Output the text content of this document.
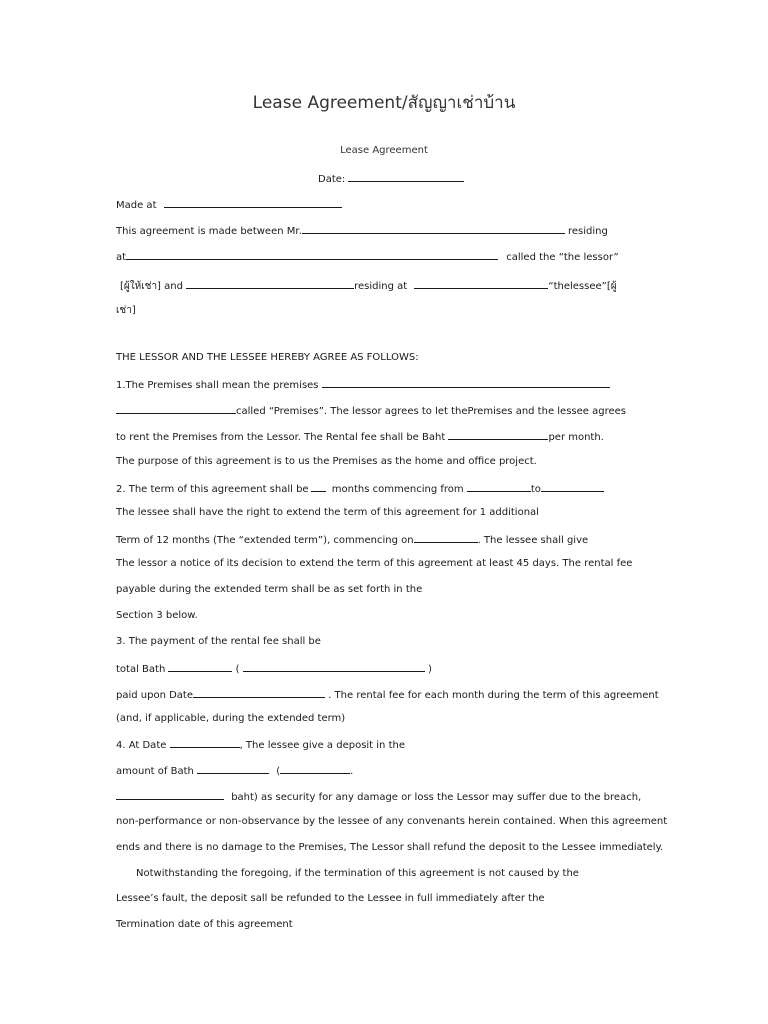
Lease Agreement/สัญญาเช่าบ้าน
Lease Agreement
Date:
Made at
This agreement is made between Mr.	residing
at	called the “the lessor”
[ผู้ให้เช่า] and	residing at	“thelessee”[ผู้
เช่า]
THE LESSOR AND THE LESSEE HEREBY AGREE AS FOLLOWS:
1.The Premises shall mean the premises
called “Premises”. The lessor agrees to let thePremises and the lessee agrees
to rent the Premises from the Lessor. The Rental fee shall be Baht	per month.
The purpose of this agreement is to us the Premises as the home and office project.
2. The term of this agreement shall be months commencing from	to
The lessee shall have the right to extend the term of this agreement for 1 additional
Term of 12 months (The “extended term”), commencing on	. The lessee shall give
The lessor a notice of its decision to extend the term of this agreement at least 45 days. The rental fee
payable during the extended term shall be as set forth in the
Section 3 below.
3. The payment of the rental fee shall be
total Bath	(	)
paid upon Date	. The rental fee for each month during the term of this agreement
(and, if applicable, during the extended term)
4. At Date	, The lessee give a deposit in the
amount of Bath	(	.
baht) as security for any damage or loss the Lessor may suffer due to the breach,
non-performance or non-observance by the lessee of any convenants herein contained. When this agreement
ends and there is no damage to the Premises, The Lessor shall refund the deposit to the Lessee immediately.
Notwithstanding the foregoing, if the termination of this agreement is not caused by the
Lessee’s fault, the deposit sall be refunded to the Lessee in full immediately after the
Termination date of this agreement
